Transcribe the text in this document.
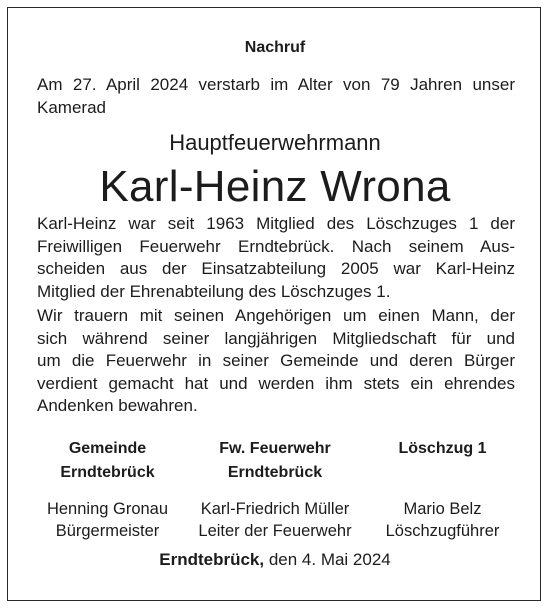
Nachruf
Am 27. April 2024 verstarb im Alter von 79 Jahren unser
Kamerad
Hauptfeuerwehrmann
Karl-Heinz Wrona
Karl-Heinz war seit 1963 Mitglied des Löschzuges 1 der
Freiwilligen Feuerwehr Erndtebrück. Nach seinem Aus-
scheiden aus der Einsatzabteilung 2005 war Karl-Heinz
Mitglied der Ehrenabteilung des Löschzuges 1.
Wir trauern mit seinen Angehörigen um einen Mann, der
sich während seiner langjährigen Mitgliedschaft für und
um die Feuerwehr in seiner Gemeinde und deren Bürger
verdient gemacht hat und werden ihm stets ein ehrendes
Andenken bewahren.
Gemeinde
Erndtebrück
Henning Gronau
Bürgermeister
Fw. Feuerwehr
Erndtebrück
Karl-Friedrich Müller
Leiter der Feuerwehr
Löschzug 1

Mario Belz
Löschzugführer
Erndtebrück, den 4. Mai 2024
